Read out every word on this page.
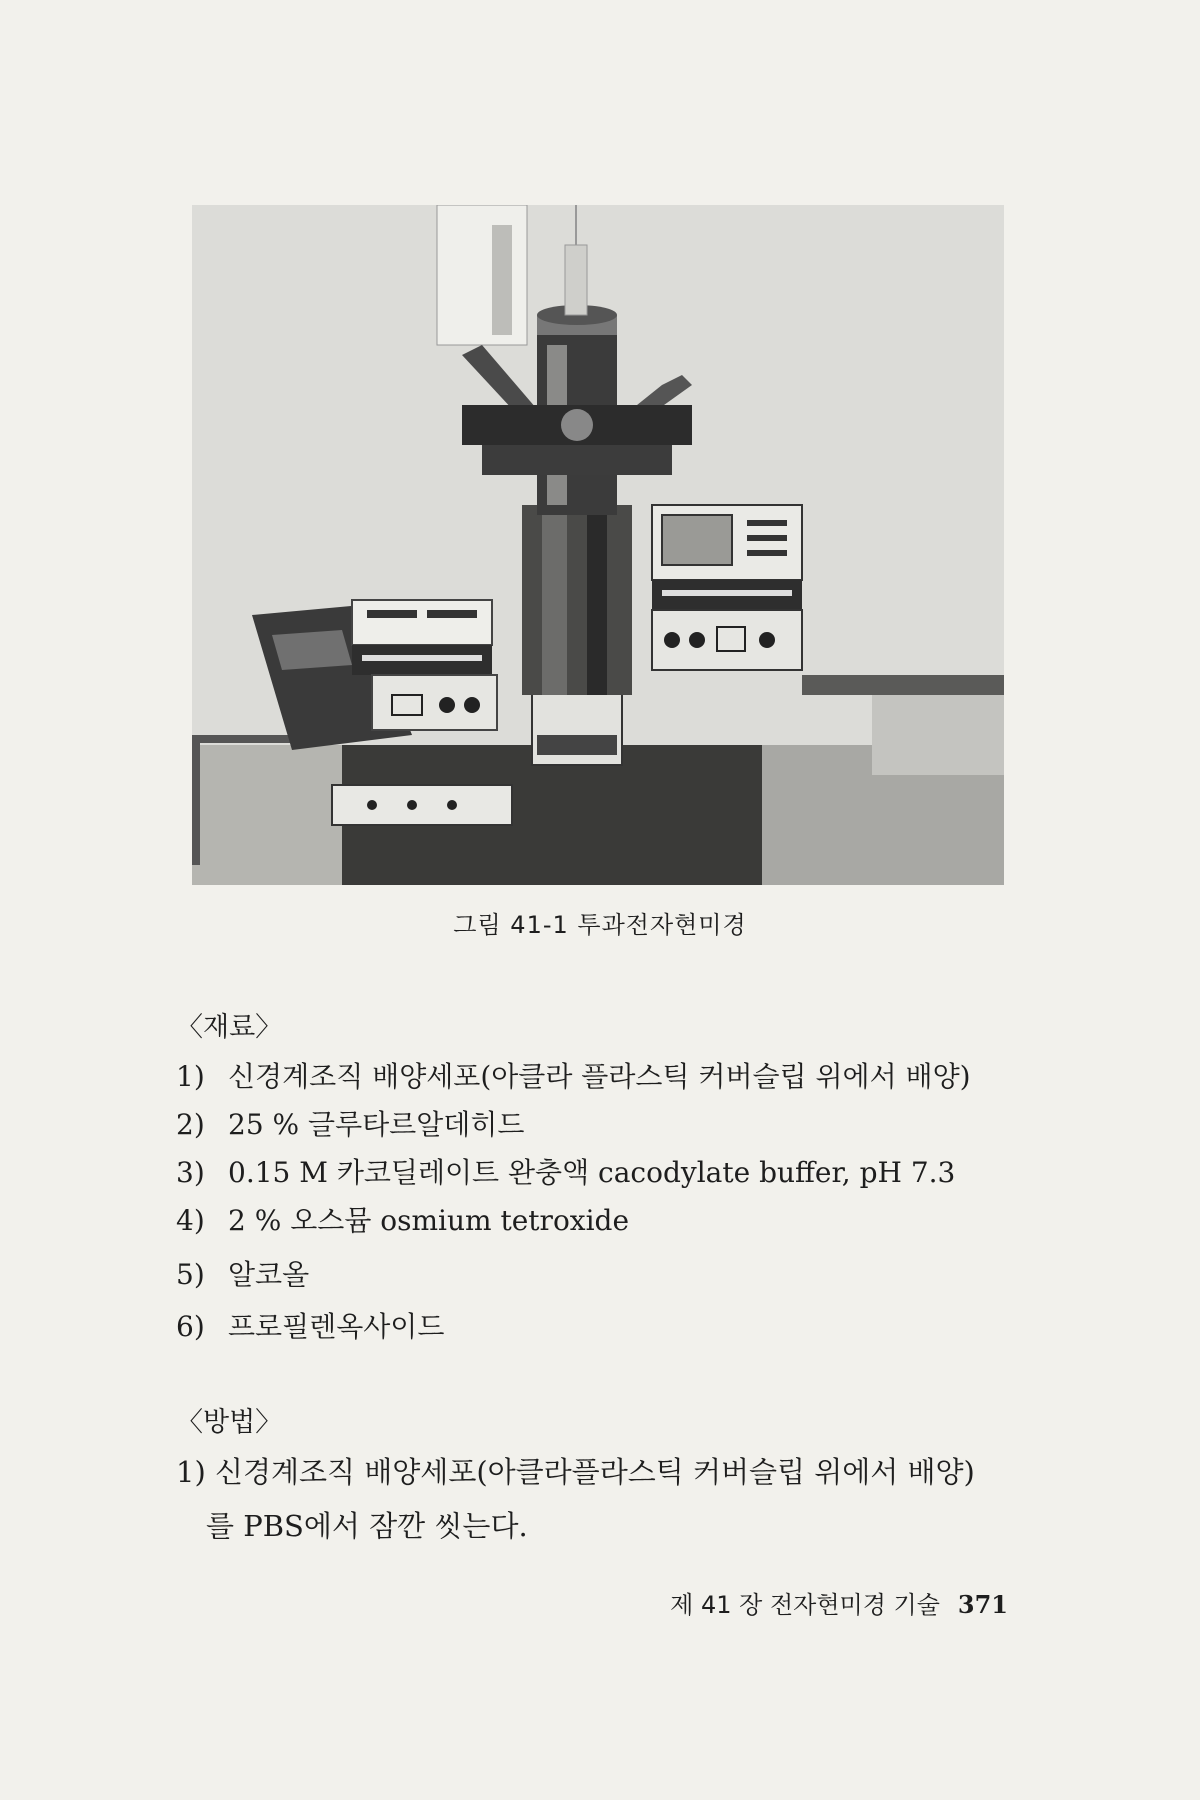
그림 41-1 투과전자현미경
〈재료〉
1) 신경계조직 배양세포(아클라 플라스틱 커버슬립 위에서 배양)
2) 25 % 글루타르알데히드
3) 0.15 M 카코딜레이트 완충액 cacodylate buffer, pH 7.3
4) 2 % 오스뮴 osmium tetroxide
5) 알코올
6) 프로필렌옥사이드
〈방법〉
1) 신경계조직 배양세포(아클라플라스틱 커버슬립 위에서 배양)
를 PBS에서 잠깐 씻는다.
제 41 장 전자현미경 기술 371
